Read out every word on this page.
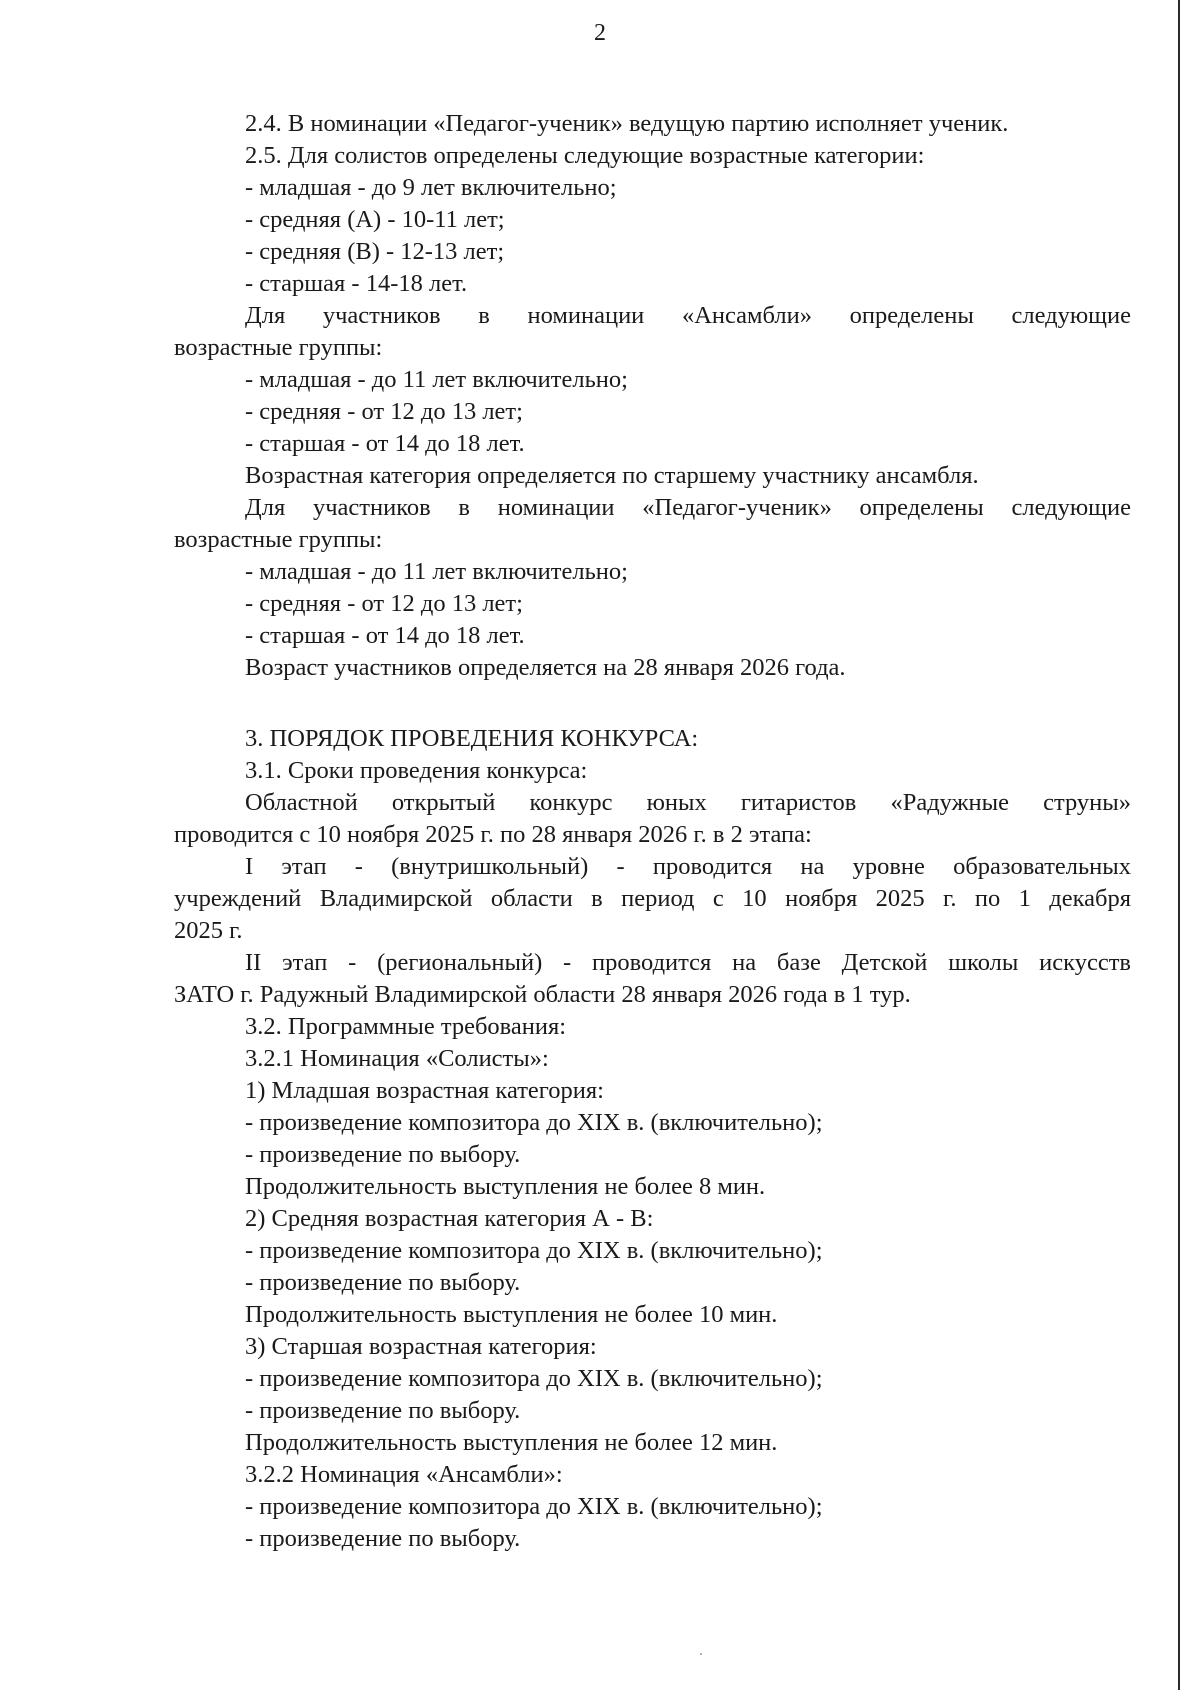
2

2.4. В номинации «Педагог-ученик» ведущую партию исполняет ученик.

2.5. Для солистов определены следующие возрастные категории:

- младшая - до 9 лет включительно;

- средняя (А) - 10-11 лет;

- средняя (В) - 12-13 лет;

- старшая - 14-18 лет.

Для участников в номинации «Ансамбли» определены следующие

возрастные группы:

- младшая - до 11 лет включительно;

- средняя - от 12 до 13 лет;

- старшая - от 14 до 18 лет.

Возрастная категория определяется по старшему участнику ансамбля.

Для участников в номинации «Педагог-ученик» определены следующие

возрастные группы:

- младшая - до 11 лет включительно;

- средняя - от 12 до 13 лет;

- старшая - от 14 до 18 лет.

Возраст участников определяется на 28 января 2026 года.

3. ПОРЯДОК ПРОВЕДЕНИЯ КОНКУРСА:

3.1. Сроки проведения конкурса:

Областной открытый конкурс юных гитаристов «Радужные струны»

проводится с 10 ноября 2025 г. по 28 января 2026 г. в 2 этапа:

I этап - (внутришкольный) - проводится на уровне образовательных

учреждений Владимирской области в период с 10 ноября 2025 г. по 1 декабря

2025 г.

II этап - (региональный) - проводится на базе Детской школы искусств

ЗАТО г. Радужный Владимирской области 28 января 2026 года в 1 тур.

3.2. Программные требования:

3.2.1 Номинация «Солисты»:

1) Младшая возрастная категория:

- произведение композитора до XIX в. (включительно);

- произведение по выбору.

Продолжительность выступления не более 8 мин.

2) Средняя возрастная категория А - В:

- произведение композитора до XIX в. (включительно);

- произведение по выбору.

Продолжительность выступления не более 10 мин.

3) Старшая возрастная категория:

- произведение композитора до XIX в. (включительно);

- произведение по выбору.

Продолжительность выступления не более 12 мин.

3.2.2 Номинация «Ансамбли»:

- произведение композитора до XIX в. (включительно);

- произведение по выбору.
